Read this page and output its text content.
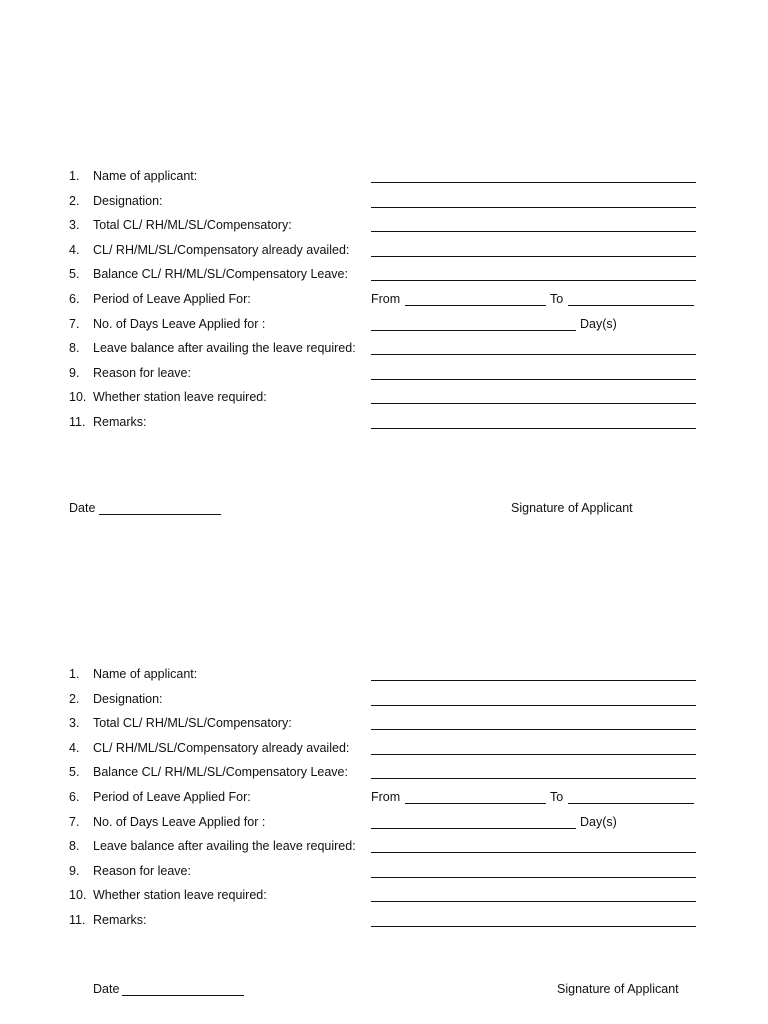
1. Name of applicant:
2. Designation:
3. Total CL/ RH/ML/SL/Compensatory:
4. CL/ RH/ML/SL/Compensatory already availed:
5. Balance CL/ RH/ML/SL/Compensatory Leave:
6. Period of Leave Applied For:	From	To
7. No. of Days Leave Applied for :	Day(s)
8. Leave balance after availing the leave required:
9. Reason for leave:
10. Whether station leave required:
11. Remarks:
Date	Signature of Applicant
1. Name of applicant:
2. Designation:
3. Total CL/ RH/ML/SL/Compensatory:
4. CL/ RH/ML/SL/Compensatory already availed:
5. Balance CL/ RH/ML/SL/Compensatory Leave:
6. Period of Leave Applied For:	From	To
7. No. of Days Leave Applied for :	Day(s)
8. Leave balance after availing the leave required:
9. Reason for leave:
10. Whether station leave required:
11. Remarks:
Date	Signature of Applicant
